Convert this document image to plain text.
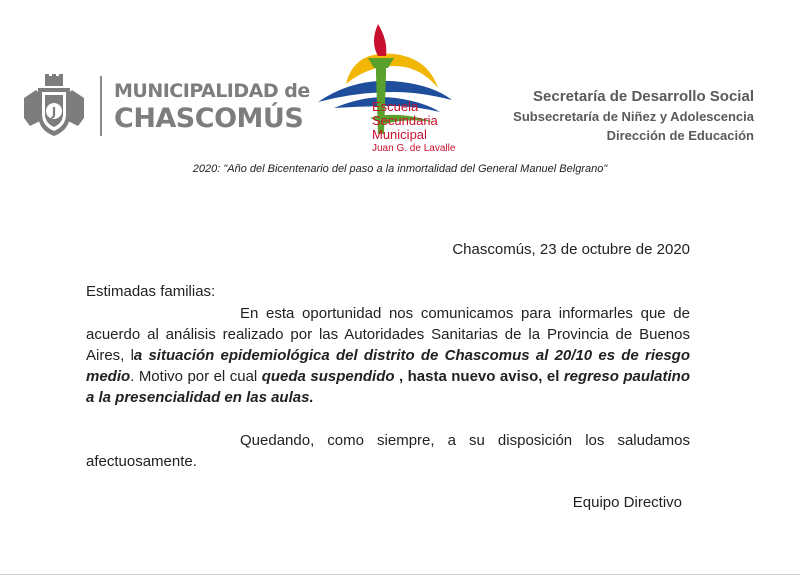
J
MUNICIPALIDAD de
CHASCOMÚS	Escuela
Secundaria
Municipal
Juan G. de Lavalle
Secretaría de Desarrollo Social
Subsecretaría de Niñez y Adolescencia
Dirección de Educación
2020: "Año del Bicentenario del paso a la inmortalidad del General Manuel Belgrano"
Chascomús, 23 de octubre de 2020
Estimadas familias:
En esta oportunidad nos comunicamos para informarles que de acuerdo al análisis realizado por las Autoridades Sanitarias de la Provincia de Buenos Aires, la situación epidemiológica del distrito de Chascomus al 20/10 es de riesgo medio. Motivo por el cual queda suspendido , hasta nuevo aviso, el regreso paulatino a la presencialidad en las aulas.
Quedando, como siempre, a su disposición los saludamos afectuosamente.
Equipo Directivo
